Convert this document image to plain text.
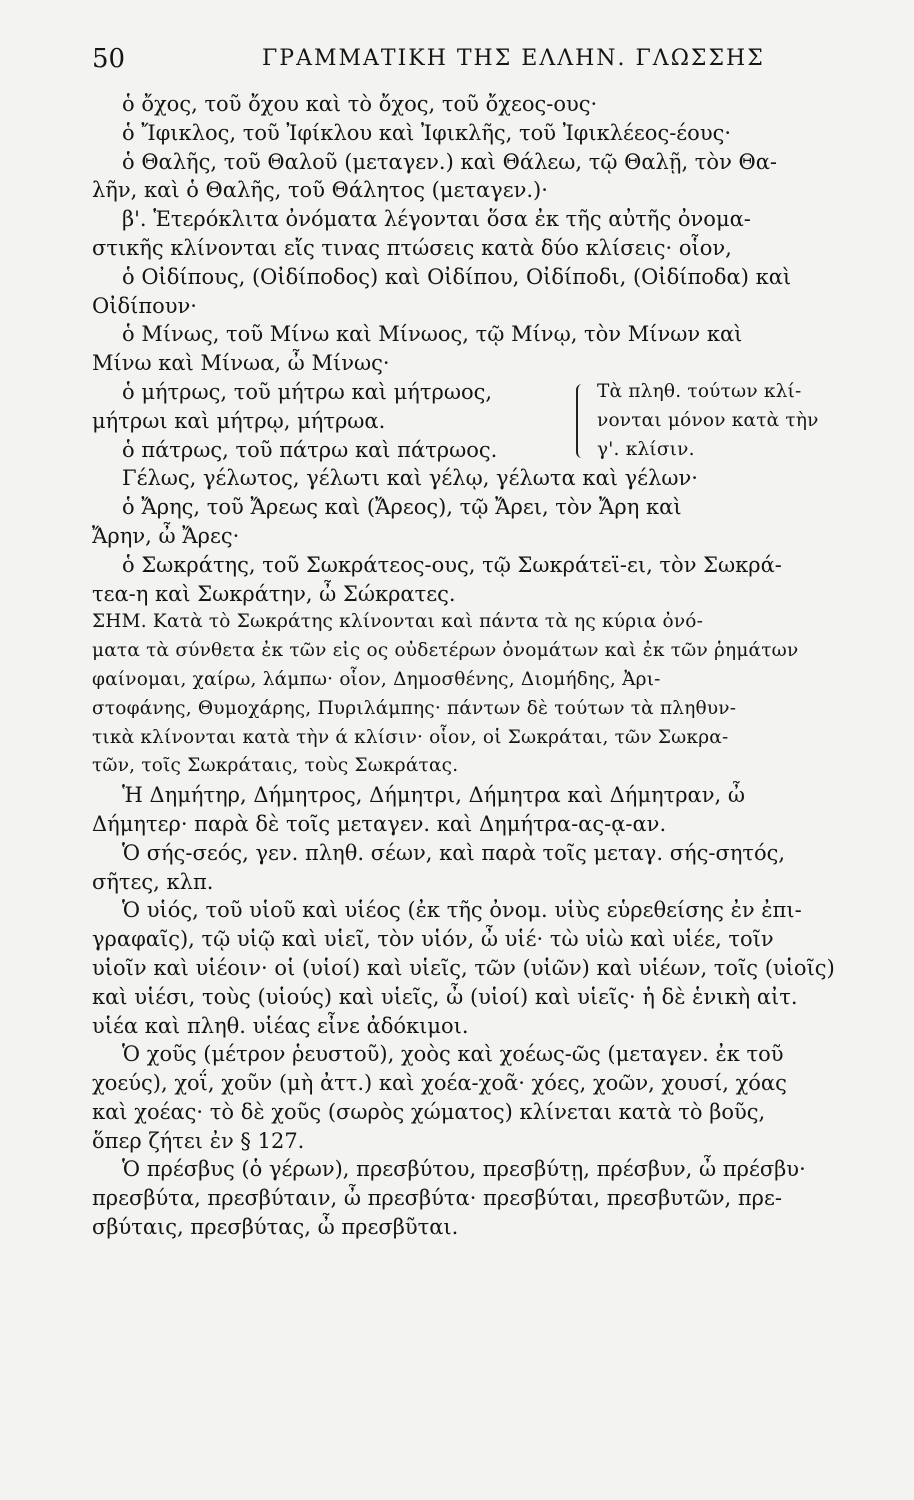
50	ΓΡΑΜΜΑΤΙΚΗ ΤΗΣ ΕΛΛΗΝ. ΓΛΩΣΣΗΣ
ὁ ὄχος, τοῦ ὄχου καὶ τὸ ὄχος, τοῦ ὄχεος-ους·
ὁ Ἴφικλος, τοῦ Ἰφίκλου καὶ Ἰφικλῆς, τοῦ Ἰφικλέεος-έους·
ὁ Θαλῆς, τοῦ Θαλοῦ (μεταγεν.) καὶ Θάλεω, τῷ Θαλῇ, τὸν Θα-
λῆν, καὶ ὁ Θαλῆς, τοῦ Θάλητος (μεταγεν.)·
β'. Ἑτερόκλιτα ὀνόματα λέγονται ὅσα ἐκ τῆς αὐτῆς ὀνομα-
στικῆς κλίνονται εἴς τινας πτώσεις κατὰ δύο κλίσεις· οἷον,
ὁ Οἰδίπους, (Οἰδίποδος) καὶ Οἰδίπου, Οἰδίποδι, (Οἰδίποδα) καὶ
Οἰδίπουν·
ὁ Μίνως, τοῦ Μίνω καὶ Μίνωος, τῷ Μίνῳ, τὸν Μίνων καὶ
Μίνω καὶ Μίνωα, ὦ Μίνως·
ὁ μήτρως, τοῦ μήτρω καὶ μήτρωος,
μήτρωι καὶ μήτρῳ, μήτρωα.
ὁ πάτρως, τοῦ πάτρω καὶ πάτρωος.
Τὰ πληθ. τούτων κλί-
νονται μόνον κατὰ τὴν
γ'. κλίσιν.
Γέλως, γέλωτος, γέλωτι καὶ γέλῳ, γέλωτα καὶ γέλων·
ὁ Ἄρης, τοῦ Ἄρεως καὶ (Ἄρεος), τῷ Ἄρει, τὸν Ἄρη καὶ
Ἄρην, ὦ Ἄρες·
ὁ Σωκράτης, τοῦ Σωκράτεος-ους, τῷ Σωκράτεϊ-ει, τὸν Σωκρά-
τεα-η καὶ Σωκράτην, ὦ Σώκρατες.
ΣΗΜ. Κατὰ τὸ Σωκράτης κλίνονται καὶ πάντα τὰ ης κύρια ὀνό-
ματα τὰ σύνθετα ἐκ τῶν εἰς ος οὐδετέρων ὀνομάτων καὶ ἐκ τῶν ῥημάτων
φαίνομαι, χαίρω, λάμπω· οἷον, Δημοσθένης, Διομήδης, Ἀρι-
στοφάνης, Θυμοχάρης, Πυριλάμπης· πάντων δὲ τούτων τὰ πληθυν-
τικὰ κλίνονται κατὰ τὴν ά κλίσιν· οἷον, οἱ Σωκράται, τῶν Σωκρα-
τῶν, τοῖς Σωκράταις, τοὺς Σωκράτας.
Ἡ Δημήτηρ, Δήμητρος, Δήμητρι, Δήμητρα καὶ Δήμητραν, ὦ
Δήμητερ· παρὰ δὲ τοῖς μεταγεν. καὶ Δημήτρα-ας-ᾳ-αν.
Ὁ σής-σεός, γεν. πληθ. σέων, καὶ παρὰ τοῖς μεταγ. σής-σητός,
σῆτες, κλπ.
Ὁ υἱός, τοῦ υἱοῦ καὶ υἱέος (ἐκ τῆς ὀνομ. υἱὺς εὑρεθείσης ἐν ἐπι-
γραφαῖς), τῷ υἱῷ καὶ υἱεῖ, τὸν υἱόν, ὦ υἱέ· τὼ υἱὼ καὶ υἱέε, τοῖν
υἱοῖν καὶ υἱέοιν· οἱ (υἱοί) καὶ υἱεῖς, τῶν (υἱῶν) καὶ υἱέων, τοῖς (υἱοῖς)
καὶ υἱέσι, τοὺς (υἱούς) καὶ υἱεῖς, ὦ (υἱοί) καὶ υἱεῖς· ἡ δὲ ἑνικὴ αἰτ.
υἱέα καὶ πληθ. υἱέας εἶνε ἀδόκιμοι.
Ὁ χοῦς (μέτρον ῥευστοῦ), χοὸς καὶ χοέως-ῶς (μεταγεν. ἐκ τοῦ
χοεύς), χοΐ, χοῦν (μὴ ἀττ.) καὶ χοέα-χοᾶ· χόες, χοῶν, χουσί, χόας
καὶ χοέας· τὸ δὲ χοῦς (σωρὸς χώματος) κλίνεται κατὰ τὸ βοῦς,
ὅπερ ζήτει ἐν § 127.
Ὁ πρέσβυς (ὁ γέρων), πρεσβύτου, πρεσβύτῃ, πρέσβυν, ὦ πρέσβυ·
πρεσβύτα, πρεσβύταιν, ὦ πρεσβύτα· πρεσβύται, πρεσβυτῶν, πρε-
σβύταις, πρεσβύτας, ὦ πρεσβῦται.
